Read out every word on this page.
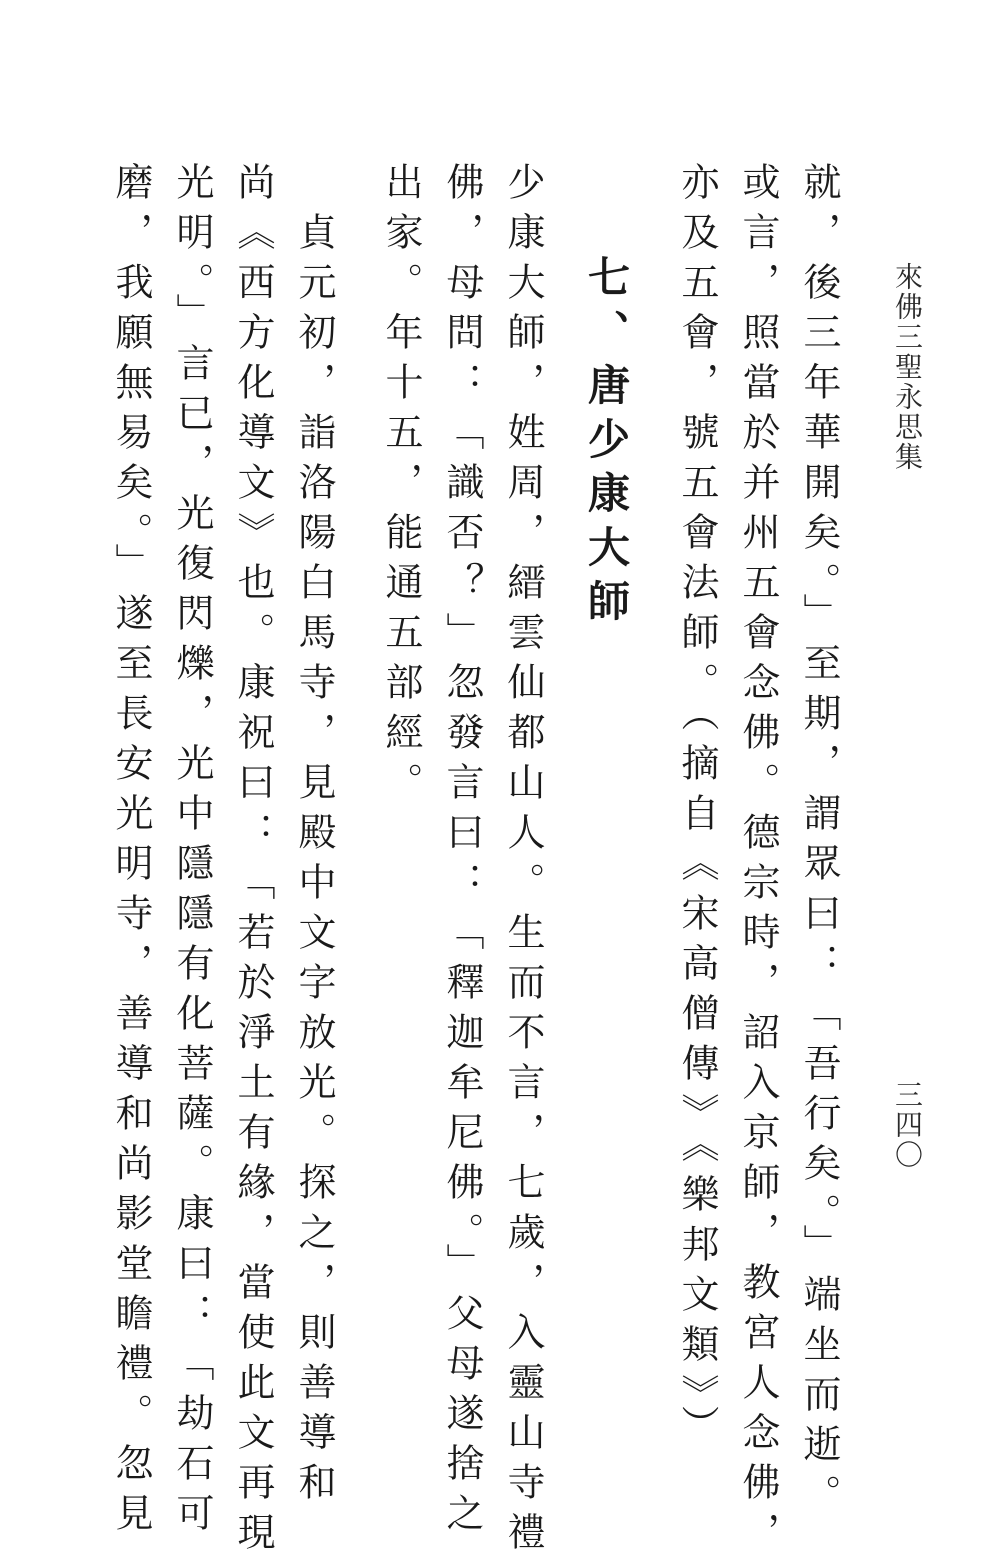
來佛三聖永思集
三四〇
就，後三年華開矣。」至期，謂眾曰：「吾行矣。」端坐而逝。
或言，照當於并州五會念佛。德宗時，詔入京師，教宮人念佛，
亦及五會，號五會法師。（摘自《宋高僧傳》《樂邦文類》）
七、唐少康大師
少康大師，姓周，縉雲仙都山人。生而不言，七歲，入靈山寺禮
佛，母問：「識否？」忽發言曰：「釋迦牟尼佛。」父母遂捨之
出家。年十五，能通五部經。
　貞元初，詣洛陽白馬寺，見殿中文字放光。探之，則善導和
尚《西方化導文》也。康祝曰：「若於淨土有緣，當使此文再現
光明。」言已，光復閃爍，光中隱隱有化菩薩。康曰：「劫石可
磨，我願無易矣。」遂至長安光明寺，善導和尚影堂瞻禮。忽見
